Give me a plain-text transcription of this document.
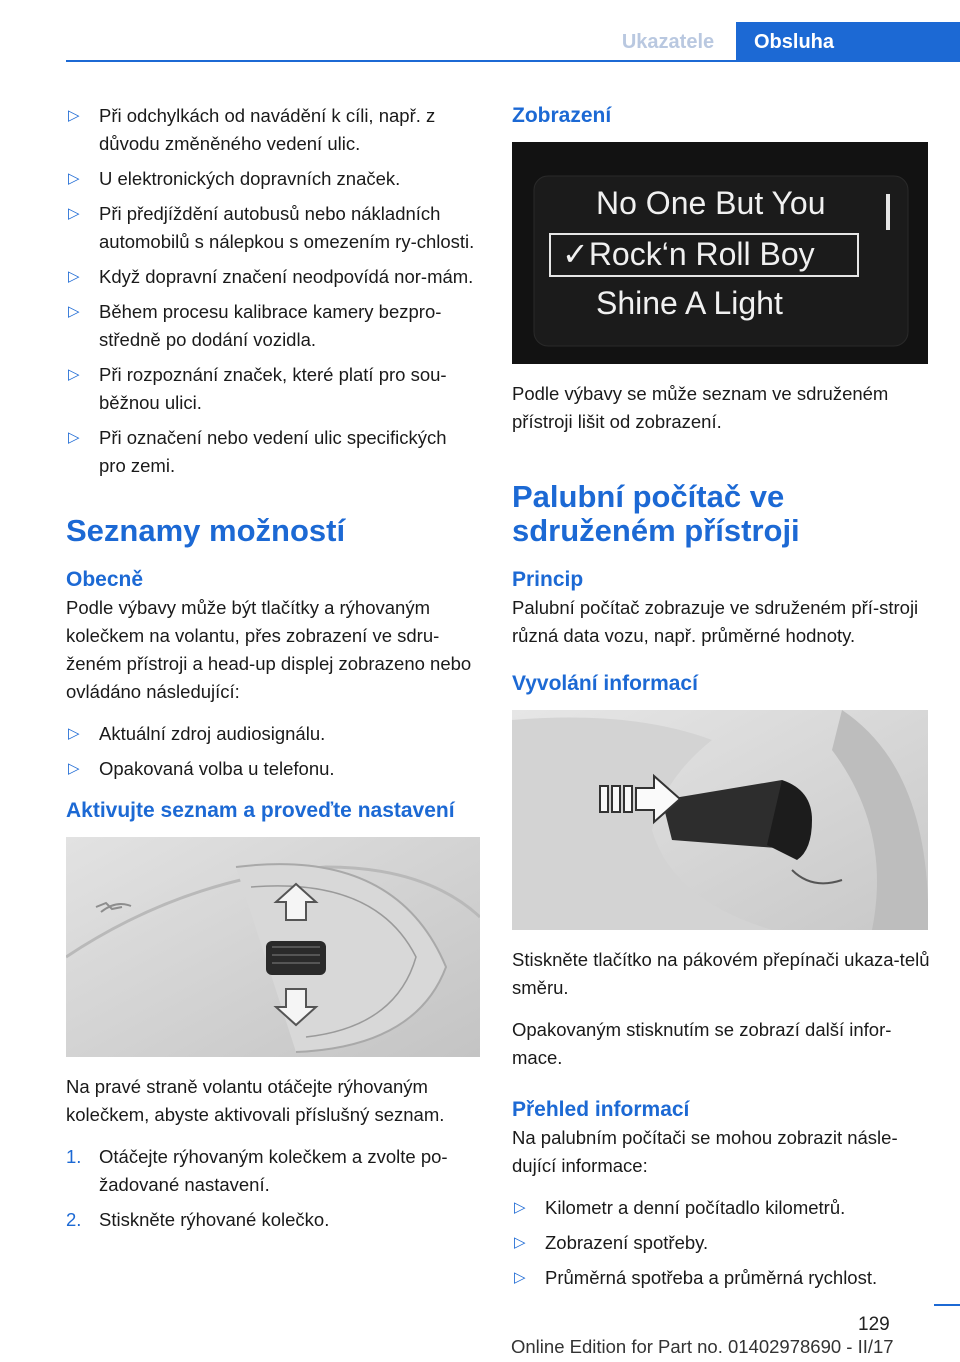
Ukazatele	Obsluha
▷ Při odchylkách od navádění k cíli, např. z důvodu změněného vedení ulic.
▷ U elektronických dopravních značek.
▷ Při předjíždění autobusů nebo nákladních automobilů s nálepkou s omezením ry‐chlosti.
▷ Když dopravní značení neodpovídá nor‐mám.
▷ Během procesu kalibrace kamery bezpro‐středně po dodání vozidla.
▷ Při rozpoznání značek, které platí pro sou‐běžnou ulici.
▷ Při označení nebo vedení ulic specifických pro zemi.
Seznamy možností
Obecně

Podle výbavy může být tlačítky a rýhovaným kolečkem na volantu, přes zobrazení ve sdru‐ženém přístroji a head-up displej zobrazeno nebo ovládáno následující:

▷ Aktuální zdroj audiosignálu.
▷ Opakovaná volba u telefonu.
Aktivujte seznam a proveďte nastavení

Na pravé straně volantu otáčejte rýhovaným kolečkem, abyste aktivovali příslušný seznam.

1. Otáčejte rýhovaným kolečkem a zvolte po‐žadované nastavení.
2. Stiskněte rýhované kolečko.
Zobrazení
No One But You
✓Rock‘n Roll Boy
Shine A Light

Podle výbavy se může seznam ve sdruženém přístroji lišit od zobrazení.

Palubní počítač ve sdruženém přístroji
Princip

Palubní počítač zobrazuje ve sdruženém pří‐stroji různá data vozu, např. průměrné hodnoty.

Vyvolání informací

Stiskněte tlačítko na pákovém přepínači ukaza‐telů směru.

Opakovaným stisknutím se zobrazí další infor‐mace.

Přehled informací

Na palubním počítači se mohou zobrazit násle‐dující informace:

▷ Kilometr a denní počítadlo kilometrů.
▷ Zobrazení spotřeby.
▷ Průměrná spotřeba a průměrná rychlost.
129
Online Edition for Part no. 01402978690 - II/17
